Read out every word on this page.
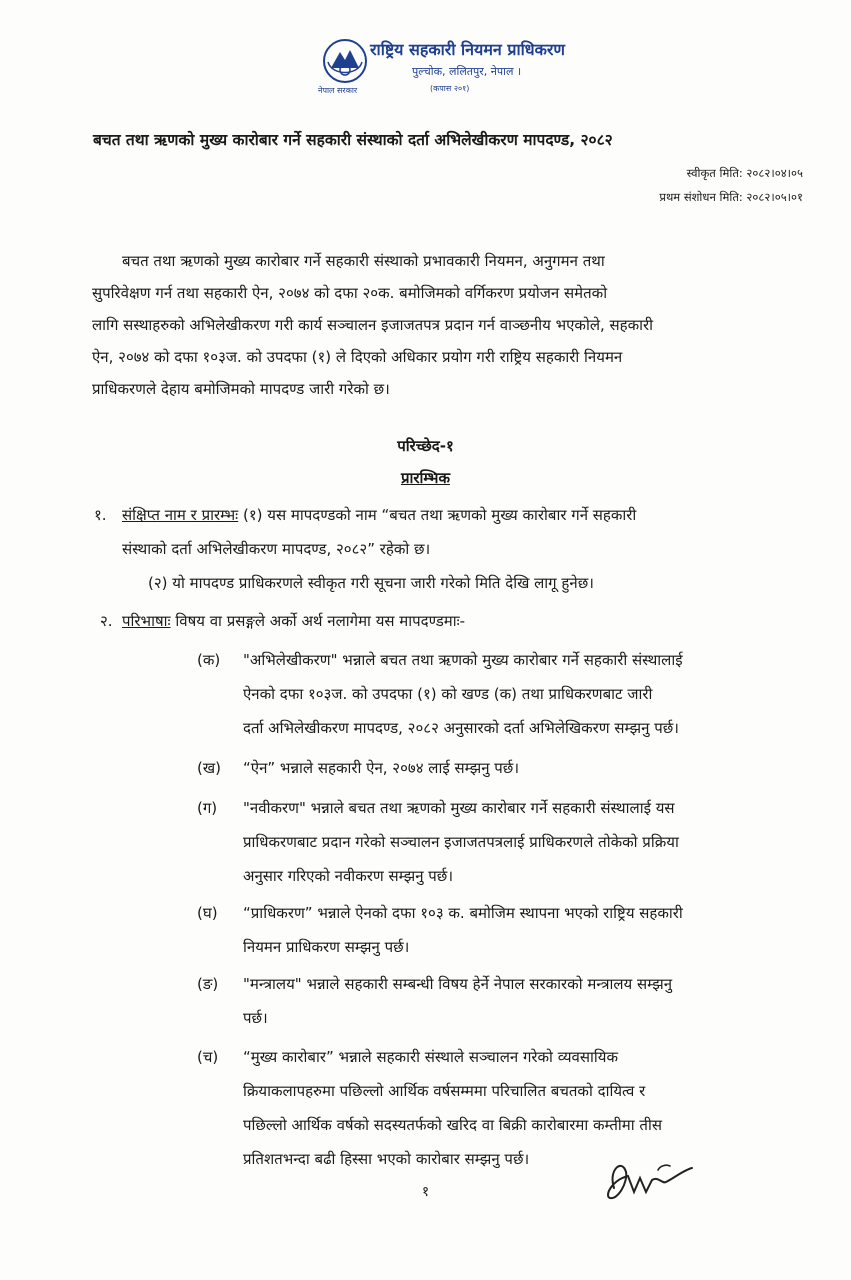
नेपाल सरकार
राष्ट्रिय सहकारी नियमन प्राधिकरण
पुल्चोक, ललितपुर, नेपाल ।
(कपास २०१)
बचत तथा ऋणको मुख्य कारोबार गर्ने सहकारी संस्थाको दर्ता अभिलेखीकरण मापदण्ड, २०८२
स्वीकृत मिति: २०८२।०४।०५
प्रथम संशोधन मिति: २०८२।०५।०१
बचत तथा ऋणको मुख्य कारोबार गर्ने सहकारी संस्थाको प्रभावकारी नियमन, अनुगमन तथा
सुपरिवेक्षण गर्न तथा सहकारी ऐन, २०७४ को दफा २०क. बमोजिमको वर्गिकरण प्रयोजन समेतको
लागि सस्थाहरुको अभिलेखीकरण गरी कार्य सञ्चालन इजाजतपत्र प्रदान गर्न वाञ्छनीय भएकोले, सहकारी
ऐन, २०७४ को दफा १०३ज. को उपदफा (१) ले दिएको अधिकार प्रयोग गरी राष्ट्रिय सहकारी नियमन
प्राधिकरणले देहाय बमोजिमको मापदण्ड जारी गरेको छ।
परिच्छेद-१
प्रारम्भिक
१. संक्षिप्त नाम र प्रारम्भः (१) यस मापदण्डको नाम “बचत तथा ऋणको मुख्य कारोबार गर्ने सहकारी
संस्थाको दर्ता अभिलेखीकरण मापदण्ड, २०८२” रहेको छ।
(२) यो मापदण्ड प्राधिकरणले स्वीकृत गरी सूचना जारी गरेको मिति देखि लागू हुनेछ।
२. परिभाषाः विषय वा प्रसङ्गले अर्को अर्थ नलागेमा यस मापदण्डमाः-
(क) "अभिलेखीकरण" भन्नाले बचत तथा ऋणको मुख्य कारोबार गर्ने सहकारी संस्थालाई
ऐनको दफा १०३ज. को उपदफा (१) को खण्ड (क) तथा प्राधिकरणबाट जारी
दर्ता अभिलेखीकरण मापदण्ड, २०८२ अनुसारको दर्ता अभिलेखिकरण सम्झनु पर्छ।
(ख) “ऐन” भन्नाले सहकारी ऐन, २०७४ लाई सम्झनु पर्छ।
(ग) "नवीकरण" भन्नाले बचत तथा ऋणको मुख्य कारोबार गर्ने सहकारी संस्थालाई यस
प्राधिकरणबाट प्रदान गरेको सञ्चालन इजाजतपत्रलाई प्राधिकरणले तोकेको प्रक्रिया
अनुसार गरिएको नवीकरण सम्झनु पर्छ।
(घ) “प्राधिकरण” भन्नाले ऐनको दफा १०३ क. बमोजिम स्थापना भएको राष्ट्रिय सहकारी
नियमन प्राधिकरण सम्झनु पर्छ।
(ङ) "मन्त्रालय" भन्नाले सहकारी सम्बन्धी विषय हेर्ने नेपाल सरकारको मन्त्रालय सम्झनु
पर्छ।
(च) “मुख्य कारोबार” भन्नाले सहकारी संस्थाले सञ्चालन गरेको व्यवसायिक
क्रियाकलापहरुमा पछिल्लो आर्थिक वर्षसम्ममा परिचालित बचतको दायित्व र
पछिल्लो आर्थिक वर्षको सदस्यतर्फको खरिद वा बिक्री कारोबारमा कम्तीमा तीस
प्रतिशतभन्दा बढी हिस्सा भएको कारोबार सम्झनु पर्छ।
१
